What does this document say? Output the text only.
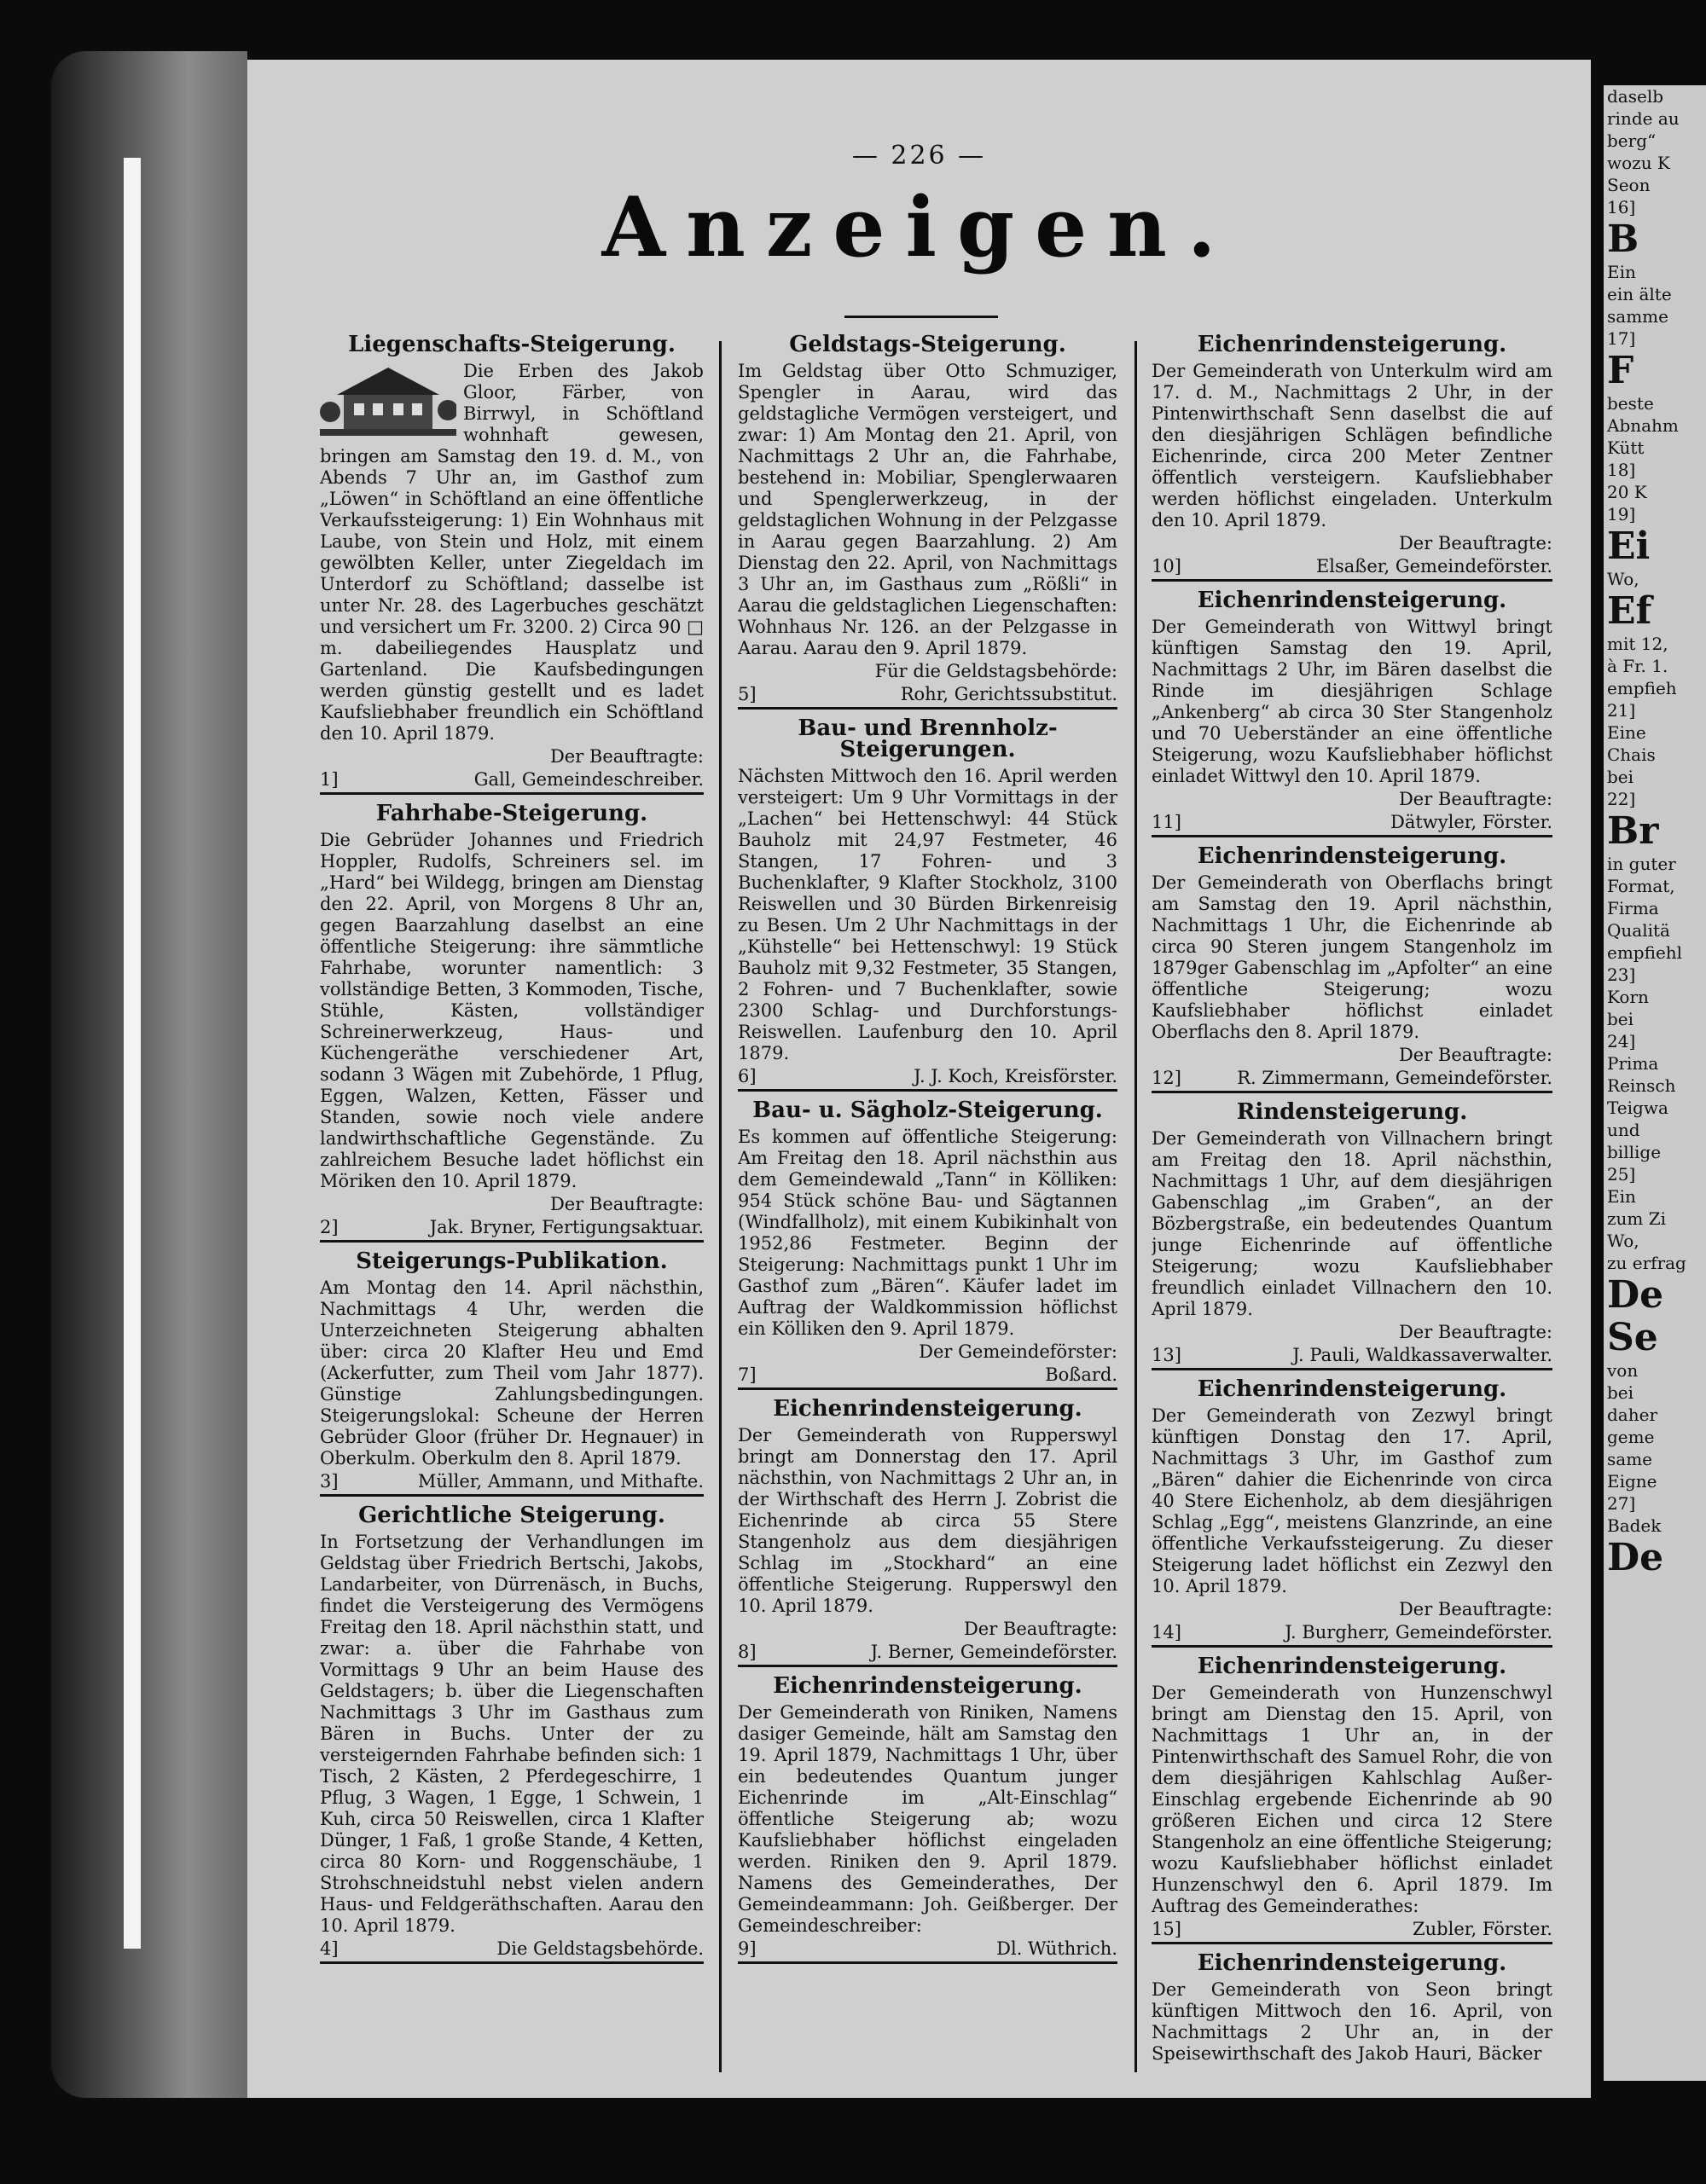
— 226 —
Anzeigen.
Liegenschafts-Steigerung.
Die Erben des Jakob Gloor, Färber, von Birrwyl, in Schöftland wohnhaft gewesen, bringen am Samstag den 19. d. M., von Abends 7 Uhr an, im Gasthof zum „Löwen“ in Schöftland an eine öffentliche Verkaufssteigerung: 1) Ein Wohnhaus mit Laube, von Stein und Holz, mit einem gewölbten Keller, unter Ziegeldach im Unterdorf zu Schöftland; dasselbe ist unter Nr. 28. des Lagerbuches geschätzt und versichert um Fr. 3200. 2) Circa 90 □ m. dabeiliegendes Hausplatz und Gartenland. Die Kaufsbedingungen werden günstig gestellt und es ladet Kaufsliebhaber freundlich ein Schöftland den 10. April 1879.
Der Beauftragte:
1]	Gall, Gemeindeschreiber.
Fahrhabe-Steigerung.
Die Gebrüder Johannes und Friedrich Hoppler, Rudolfs, Schreiners sel. im „Hard“ bei Wildegg, bringen am Dienstag den 22. April, von Morgens 8 Uhr an, gegen Baarzahlung daselbst an eine öffentliche Steigerung: ihre sämmtliche Fahrhabe, worunter namentlich: 3 vollständige Betten, 3 Kommoden, Tische, Stühle, Kästen, vollständiger Schreinerwerkzeug, Haus- und Küchengeräthe verschiedener Art, sodann 3 Wägen mit Zubehörde, 1 Pflug, Eggen, Walzen, Ketten, Fässer und Standen, sowie noch viele andere landwirthschaftliche Gegenstände. Zu zahlreichem Besuche ladet höflichst ein Möriken den 10. April 1879.
Der Beauftragte:
2]	Jak. Bryner, Fertigungsaktuar.
Steigerungs-Publikation.
Am Montag den 14. April nächsthin, Nachmittags 4 Uhr, werden die Unterzeichneten Steigerung abhalten über: circa 20 Klafter Heu und Emd (Ackerfutter, zum Theil vom Jahr 1877). Günstige Zahlungsbedingungen. Steigerungslokal: Scheune der Herren Gebrüder Gloor (früher Dr. Hegnauer) in Oberkulm. Oberkulm den 8. April 1879.
3]	Müller, Ammann, und Mithafte.
Gerichtliche Steigerung.
In Fortsetzung der Verhandlungen im Geldstag über Friedrich Bertschi, Jakobs, Landarbeiter, von Dürrenäsch, in Buchs, findet die Versteigerung des Vermögens Freitag den 18. April nächsthin statt, und zwar: a. über die Fahrhabe von Vormittags 9 Uhr an beim Hause des Geldstagers; b. über die Liegenschaften Nachmittags 3 Uhr im Gasthaus zum Bären in Buchs. Unter der zu versteigernden Fahrhabe befinden sich: 1 Tisch, 2 Kästen, 2 Pferdegeschirre, 1 Pflug, 3 Wagen, 1 Egge, 1 Schwein, 1 Kuh, circa 50 Reiswellen, circa 1 Klafter Dünger, 1 Faß, 1 große Stande, 4 Ketten, circa 80 Korn- und Roggenschäube, 1 Strohschneidstuhl nebst vielen andern Haus- und Feldgeräthschaften. Aarau den 10. April 1879.
4]	Die Geldstagsbehörde.
Geldstags-Steigerung.
Im Geldstag über Otto Schmuziger, Spengler in Aarau, wird das geldstagliche Vermögen versteigert, und zwar: 1) Am Montag den 21. April, von Nachmittags 2 Uhr an, die Fahrhabe, bestehend in: Mobiliar, Spenglerwaaren und Spenglerwerkzeug, in der geldstaglichen Wohnung in der Pelzgasse in Aarau gegen Baarzahlung. 2) Am Dienstag den 22. April, von Nachmittags 3 Uhr an, im Gasthaus zum „Rößli“ in Aarau die geldstaglichen Liegenschaften: Wohnhaus Nr. 126. an der Pelzgasse in Aarau. Aarau den 9. April 1879.
Für die Geldstagsbehörde:
5]	Rohr, Gerichtssubstitut.
Bau- und Brennholz-Steigerungen.
Nächsten Mittwoch den 16. April werden versteigert: Um 9 Uhr Vormittags in der „Lachen“ bei Hettenschwyl: 44 Stück Bauholz mit 24,97 Festmeter, 46 Stangen, 17 Fohren- und 3 Buchenklafter, 9 Klafter Stockholz, 3100 Reiswellen und 30 Bürden Birkenreisig zu Besen. Um 2 Uhr Nachmittags in der „Kühstelle“ bei Hettenschwyl: 19 Stück Bauholz mit 9,32 Festmeter, 35 Stangen, 2 Fohren- und 7 Buchenklafter, sowie 2300 Schlag- und Durchforstungs-Reiswellen. Laufenburg den 10. April 1879.
6]	J. J. Koch, Kreisförster.
Bau- u. Sägholz-Steigerung.
Es kommen auf öffentliche Steigerung: Am Freitag den 18. April nächsthin aus dem Gemeindewald „Tann“ in Kölliken: 954 Stück schöne Bau- und Sägtannen (Windfallholz), mit einem Kubikinhalt von 1952,86 Festmeter. Beginn der Steigerung: Nachmittags punkt 1 Uhr im Gasthof zum „Bären“. Käufer ladet im Auftrag der Waldkommission höflichst ein Kölliken den 9. April 1879.
Der Gemeindeförster:
7]	Boßard.
Eichenrindensteigerung.
Der Gemeinderath von Rupperswyl bringt am Donnerstag den 17. April nächsthin, von Nachmittags 2 Uhr an, in der Wirthschaft des Herrn J. Zobrist die Eichenrinde ab circa 55 Stere Stangenholz aus dem diesjährigen Schlag im „Stockhard“ an eine öffentliche Steigerung. Rupperswyl den 10. April 1879.
Der Beauftragte:
8]	J. Berner, Gemeindeförster.
Eichenrindensteigerung.
Der Gemeinderath von Riniken, Namens dasiger Gemeinde, hält am Samstag den 19. April 1879, Nachmittags 1 Uhr, über ein bedeutendes Quantum junger Eichenrinde im „Alt-Einschlag“ öffentliche Steigerung ab; wozu Kaufsliebhaber höflichst eingeladen werden. Riniken den 9. April 1879. Namens des Gemeinderathes, Der Gemeindeammann: Joh. Geißberger. Der Gemeindeschreiber:
9]	Dl. Wüthrich.
Eichenrindensteigerung.
Der Gemeinderath von Unterkulm wird am 17. d. M., Nachmittags 2 Uhr, in der Pintenwirthschaft Senn daselbst die auf den diesjährigen Schlägen befindliche Eichenrinde, circa 200 Meter Zentner öffentlich versteigern. Kaufsliebhaber werden höflichst eingeladen. Unterkulm den 10. April 1879.
Der Beauftragte:
10]	Elsaßer, Gemeindeförster.
Eichenrindensteigerung.
Der Gemeinderath von Wittwyl bringt künftigen Samstag den 19. April, Nachmittags 2 Uhr, im Bären daselbst die Rinde im diesjährigen Schlage „Ankenberg“ ab circa 30 Ster Stangenholz und 70 Ueberständer an eine öffentliche Steigerung, wozu Kaufsliebhaber höflichst einladet Wittwyl den 10. April 1879.
Der Beauftragte:
11]	Dätwyler, Förster.
Eichenrindensteigerung.
Der Gemeinderath von Oberflachs bringt am Samstag den 19. April nächsthin, Nachmittags 1 Uhr, die Eichenrinde ab circa 90 Steren jungem Stangenholz im 1879ger Gabenschlag im „Apfolter“ an eine öffentliche Steigerung; wozu Kaufsliebhaber höflichst einladet Oberflachs den 8. April 1879.
Der Beauftragte:
12]	R. Zimmermann, Gemeindeförster.
Rindensteigerung.
Der Gemeinderath von Villnachern bringt am Freitag den 18. April nächsthin, Nachmittags 1 Uhr, auf dem diesjährigen Gabenschlag „im Graben“, an der Bözbergstraße, ein bedeutendes Quantum junge Eichenrinde auf öffentliche Steigerung; wozu Kaufsliebhaber freundlich einladet Villnachern den 10. April 1879.
Der Beauftragte:
13]	J. Pauli, Waldkassaverwalter.
Eichenrindensteigerung.
Der Gemeinderath von Zezwyl bringt künftigen Donstag den 17. April, Nachmittags 3 Uhr, im Gasthof zum „Bären“ dahier die Eichenrinde von circa 40 Stere Eichenholz, ab dem diesjährigen Schlag „Egg“, meistens Glanzrinde, an eine öffentliche Verkaufssteigerung. Zu dieser Steigerung ladet höflichst ein Zezwyl den 10. April 1879.
Der Beauftragte:
14]	J. Burgherr, Gemeindeförster.
Eichenrindensteigerung.
Der Gemeinderath von Hunzenschwyl bringt am Dienstag den 15. April, von Nachmittags 1 Uhr an, in der Pintenwirthschaft des Samuel Rohr, die von dem diesjährigen Kahlschlag Außer-Einschlag ergebende Eichenrinde ab 90 größeren Eichen und circa 12 Stere Stangenholz an eine öffentliche Steigerung; wozu Kaufsliebhaber höflichst einladet Hunzenschwyl den 6. April 1879. Im Auftrag des Gemeinderathes:
15]	Zubler, Förster.
Eichenrindensteigerung.
Der Gemeinderath von Seon bringt künftigen Mittwoch den 16. April, von Nachmittags 2 Uhr an, in der Speisewirthschaft des Jakob Hauri, Bäcker
daselb
rinde au
berg“
wozu K
Seon
16]
B
Ein
ein älte
samme
17]
F
beste
Abnahm
Kütt
18]
20 K
19]
Ei
Wo,
Ef
mit 12,
à Fr. 1.
empfieh
21]
Eine
Chais
bei
22]
Br
in guter
Format,
Firma
Qualitä
empfiehl
23]
Korn
bei
24]
Prima
Reinsch
Teigwa
und
billige
25]
Ein
zum Zi
Wo,
zu erfrag
De
Se
von
bei
daher
geme
same
Eigne
27]
Badek
De
